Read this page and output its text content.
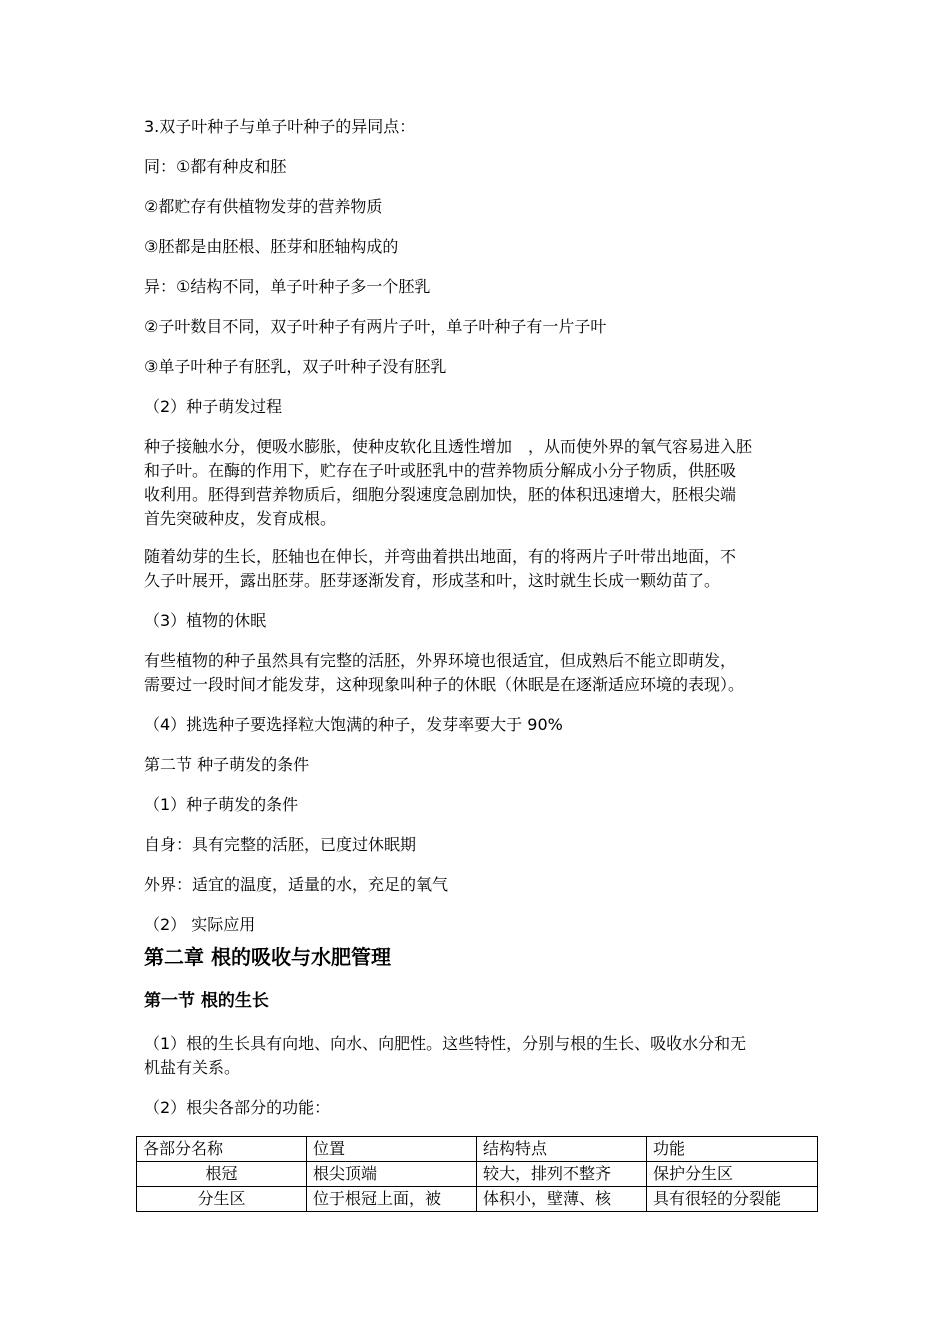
3.双子叶种子与单子叶种子的异同点：
同：①都有种皮和胚
②都贮存有供植物发芽的营养物质
③胚都是由胚根、胚芽和胚轴构成的
异：①结构不同，单子叶种子多一个胚乳
②子叶数目不同，双子叶种子有两片子叶，单子叶种子有一片子叶
③单子叶种子有胚乳，双子叶种子没有胚乳
（2）种子萌发过程
种子接触水分，便吸水膨胀，使种皮软化且透性增加　，从而使外界的氧气容易进入胚
和子叶。在酶的作用下，贮存在子叶或胚乳中的营养物质分解成小分子物质，供胚吸
收利用。胚得到营养物质后，细胞分裂速度急剧加快，胚的体积迅速增大，胚根尖端
首先突破种皮，发育成根。
随着幼芽的生长，胚轴也在伸长，并弯曲着拱出地面，有的将两片子叶带出地面，不
久子叶展开，露出胚芽。胚芽逐渐发育，形成茎和叶，这时就生长成一颗幼苗了。
（3）植物的休眠
有些植物的种子虽然具有完整的活胚，外界环境也很适宜，但成熟后不能立即萌发，
需要过一段时间才能发芽，这种现象叫种子的休眠（休眠是在逐渐适应环境的表现）。
（4）挑选种子要选择粒大饱满的种子，发芽率要大于 90%
第二节 种子萌发的条件
（1）种子萌发的条件
自身：具有完整的活胚，已度过休眠期
外界：适宜的温度，适量的水，充足的氧气
（2） 实际应用
第二章 根的吸收与水肥管理
第一节 根的生长
（1）根的生长具有向地、向水、向肥性。这些特性，分别与根的生长、吸收水分和无
机盐有关系。
（2）根尖各部分的功能：
各部分名称	位置	结构特点	功能
根冠	根尖顶端	较大，排列不整齐	保护分生区
分生区	位于根冠上面，被	体积小，壁薄、核	具有很轻的分裂能
